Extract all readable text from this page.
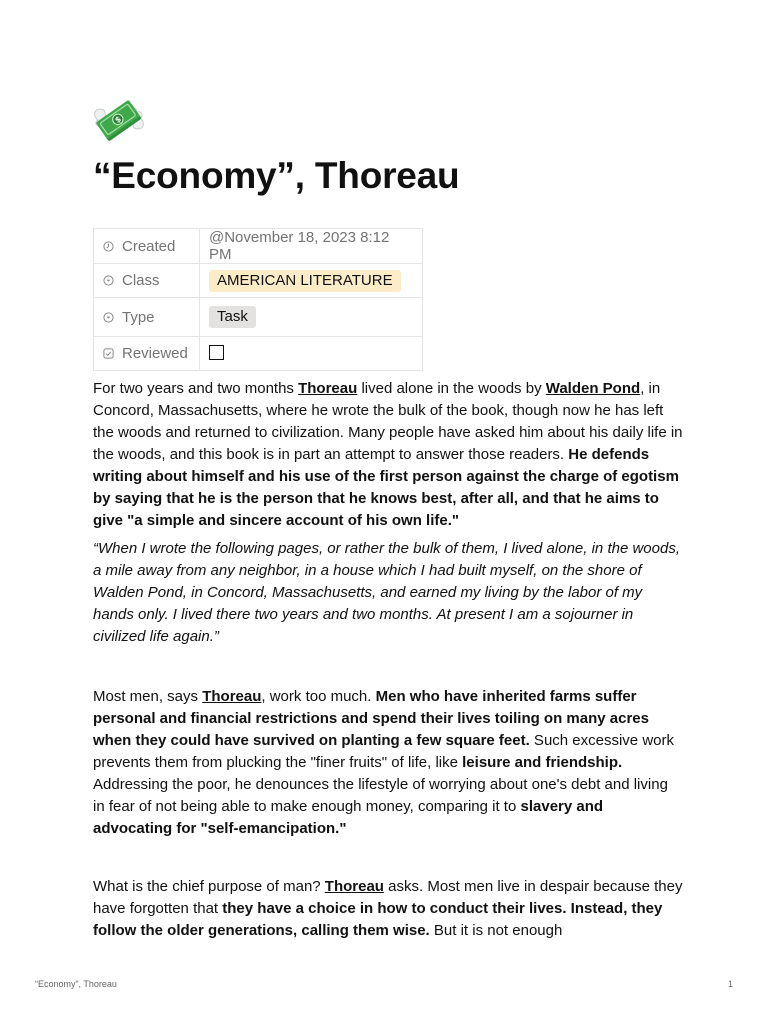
$
“Economy”, Thoreau
Created	@November 18, 2023 8:12 PM
Class	AMERICAN LITERATURE
Type	Task
Reviewed	

For two years and two months Thoreau lived alone in the woods by Walden Pond, in Concord, Massachusetts, where he wrote the bulk of the book, though now he has left the woods and returned to civilization. Many people have asked him about his daily life in the woods, and this book is in part an attempt to answer those readers. He defends writing about himself and his use of the first person against the charge of egotism by saying that he is the person that he knows best, after all, and that he aims to give "a simple and sincere account of his own life."

“When I wrote the following pages, or rather the bulk of them, I lived alone, in the woods, a mile away from any neighbor, in a house which I had built myself, on the shore of Walden Pond, in Concord, Massachusetts, and earned my living by the labor of my hands only. I lived there two years and two months. At present I am a sojourner in civilized life again.”

Most men, says Thoreau, work too much. Men who have inherited farms suffer personal and financial restrictions and spend their lives toiling on many acres when they could have survived on planting a few square feet. Such excessive work prevents them from plucking the "finer fruits" of life, like leisure and friendship. Addressing the poor, he denounces the lifestyle of worrying about one's debt and living in fear of not being able to make enough money, comparing it to slavery and advocating for "self-emancipation."

What is the chief purpose of man? Thoreau asks. Most men live in despair because they have forgotten that they have a choice in how to conduct their lives. Instead, they follow the older generations, calling them wise. But it is not enough

“Economy”, Thoreau	1
